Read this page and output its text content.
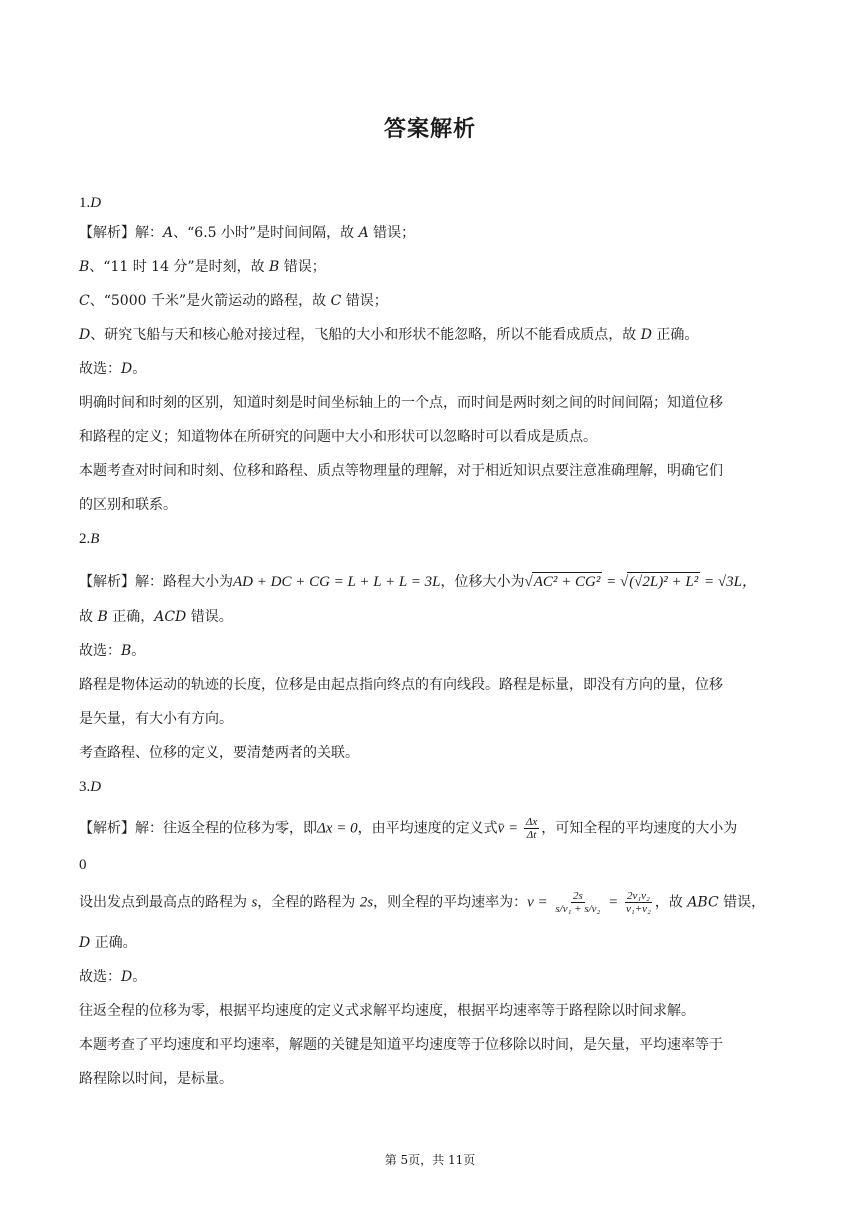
答案解析
1.D
【解析】解：A、“6.5 小时”是时间间隔，故 A 错误；
B、“11 时 14 分”是时刻，故 B 错误；
C、“5000 千米”是火箭运动的路程，故 C 错误；
D、研究飞船与天和核心舱对接过程，飞船的大小和形状不能忽略，所以不能看成质点，故 D 正确。
故选：D。
明确时间和时刻的区别，知道时刻是时间坐标轴上的一个点，而时间是两时刻之间的时间间隔；知道位移
和路程的定义；知道物体在所研究的问题中大小和形状可以忽略时可以看成是质点。
本题考查对时间和时刻、位移和路程、质点等物理量的理解，对于相近知识点要注意准确理解，明确它们
的区别和联系。
2.B
【解析】解：路程大小为AD + DC + CG = L + L + L = 3L，位移大小为√AC² + CG² = √(√2L)² + L² = √3L，
故 B 正确，ACD 错误。
故选：B。
路程是物体运动的轨迹的长度，位移是由起点指向终点的有向线段。路程是标量，即没有方向的量，位移
是矢量，有大小有方向。
考查路程、位移的定义，要清楚两者的关联。
3.D
【解析】解：往返全程的位移为零，即Δx = 0，由平均速度的定义式v̄ = $\frac{\Delta x}{\Delta t}$ ，可知全程的平均速度的大小为
0
设出发点到最高点的路程为 s，全程的路程为 2s，则全程的平均速率为：$v = \frac{2s}{\text{s/v₁ + s/v₂}} = \frac{\text{2v₁v₂}}{\text{v₁+v₂}}$ ，故 ABC 错误，
D 正确。
故选：D。
往返全程的位移为零，根据平均速度的定义式求解平均速度，根据平均速率等于路程除以时间求解。
本题考查了平均速度和平均速率，解题的关键是知道平均速度等于位移除以时间，是矢量，平均速率等于
路程除以时间，是标量。
第 5页，共 11页
